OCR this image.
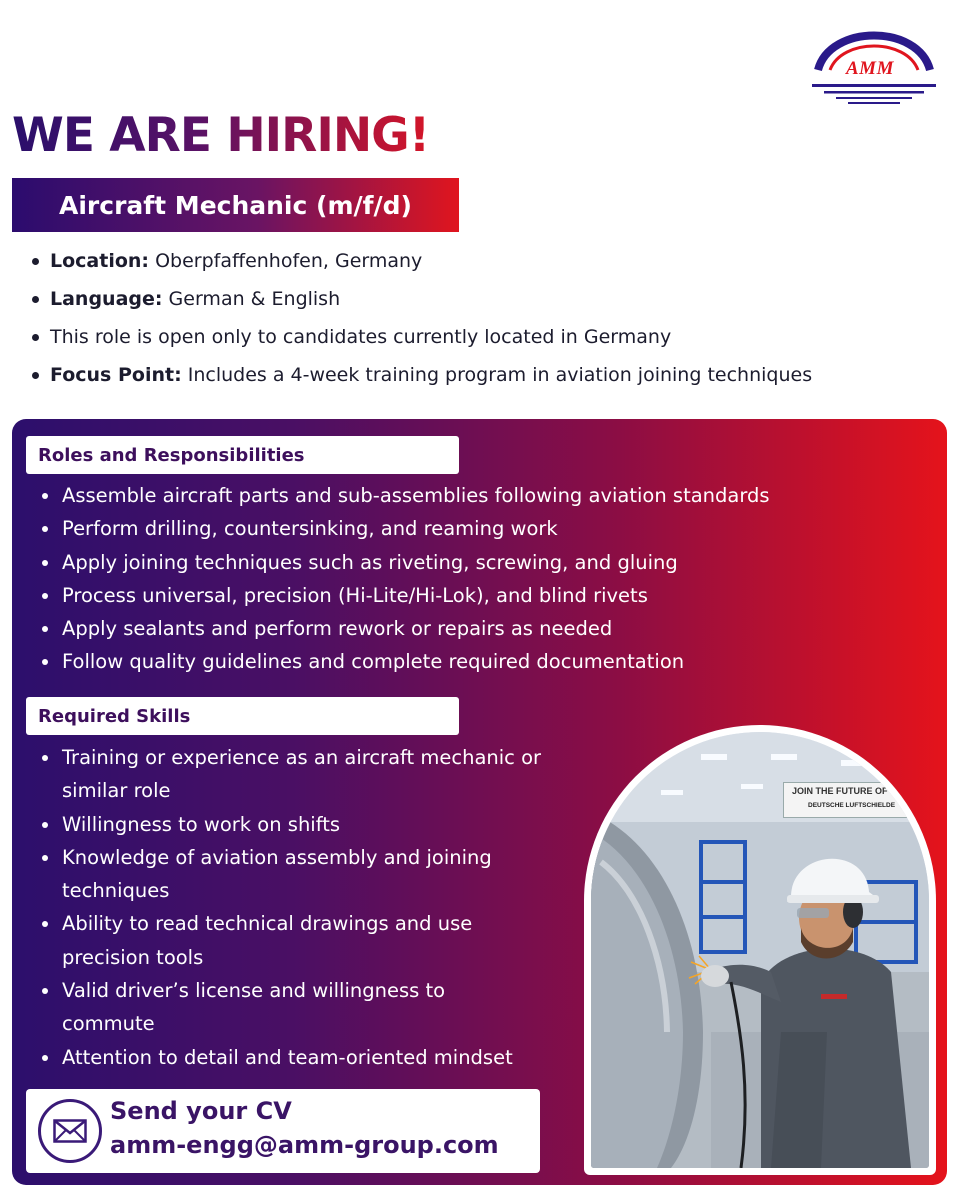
AMM
WE ARE HIRING!
Aircraft Mechanic (m/f/d)
Location: Oberpfaffenhofen, Germany
Language: German & English
This role is open only to candidates currently located in Germany
Focus Point: Includes a 4-week training program in aviation joining techniques
Roles and Responsibilities
Assemble aircraft parts and sub-assemblies following aviation standards
Perform drilling, countersinking, and reaming work
Apply joining techniques such as riveting, screwing, and gluing
Process universal, precision (Hi-Lite/Hi-Lok), and blind rivets
Apply sealants and perform rework or repairs as needed
Follow quality guidelines and complete required documentation
Required Skills
Training or experience as an aircraft mechanic or similar role
Willingness to work on shifts
Knowledge of aviation assembly and joining techniques
Ability to read technical drawings and use precision tools
Valid driver’s license and willingness to commute
Attention to detail and team-oriented mindset
Send your CV
amm-engg@amm-group.com
JOIN THE FUTURE OF
DEUTSCHE LUFTSCHIELDE
